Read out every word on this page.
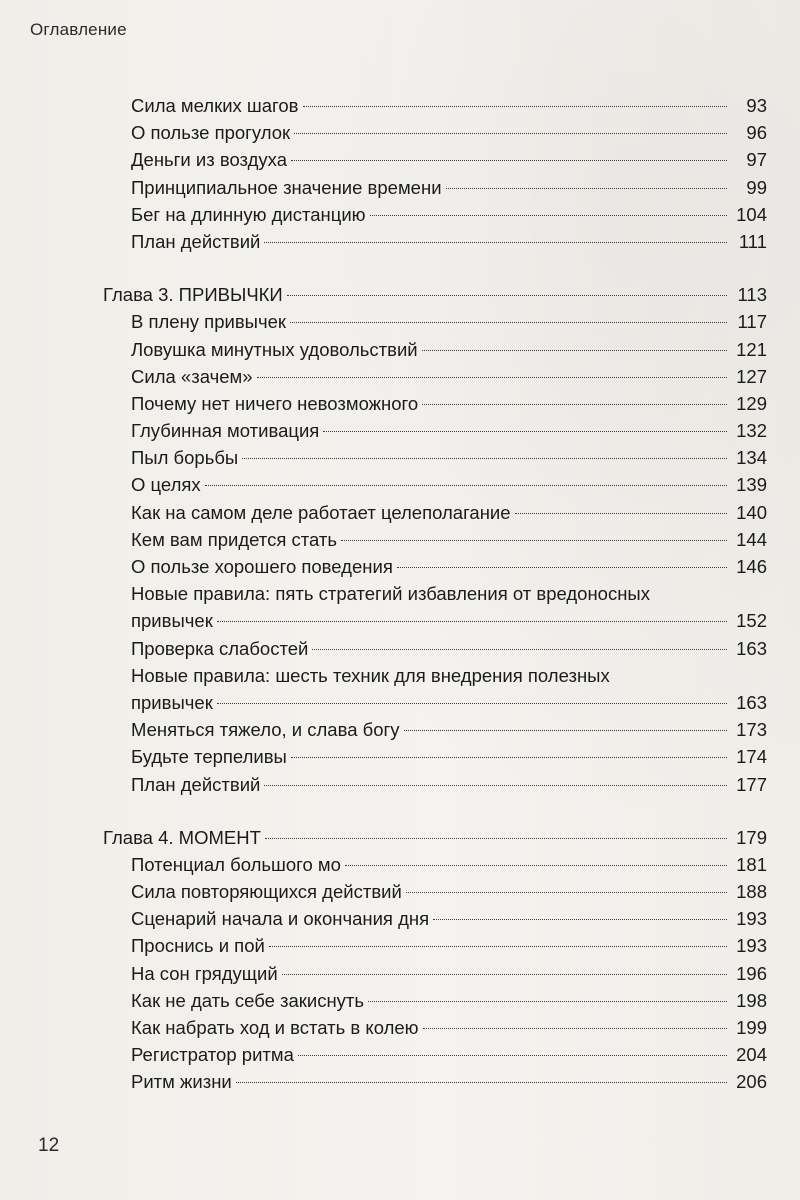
Оглавление
Сила мелких шагов	93
О пользе прогулок	96
Деньги из воздуха	97
Принципиальное значение времени	99
Бег на длинную дистанцию	104
План действий	111
Глава 3. ПРИВЫЧКИ	113
В плену привычек	117
Ловушка минутных удовольствий	121
Сила «зачем»	127
Почему нет ничего невозможного	129
Глубинная мотивация	132
Пыл борьбы	134
О целях	139
Как на самом деле работает целеполагание	140
Кем вам придется стать	144
О пользе хорошего поведения	146
Новые правила: пять стратегий избавления от вредоносных
привычек	152
Проверка слабостей	163
Новые правила: шесть техник для внедрения полезных
привычек	163
Меняться тяжело, и слава богу	173
Будьте терпеливы	174
План действий	177
Глава 4. МОМЕНТ	179
Потенциал большого мо	181
Сила повторяющихся действий	188
Сценарий начала и окончания дня	193
Проснись и пой	193
На сон грядущий	196
Как не дать себе закиснуть	198
Как набрать ход и встать в колею	199
Регистратор ритма	204
Ритм жизни	206
12
